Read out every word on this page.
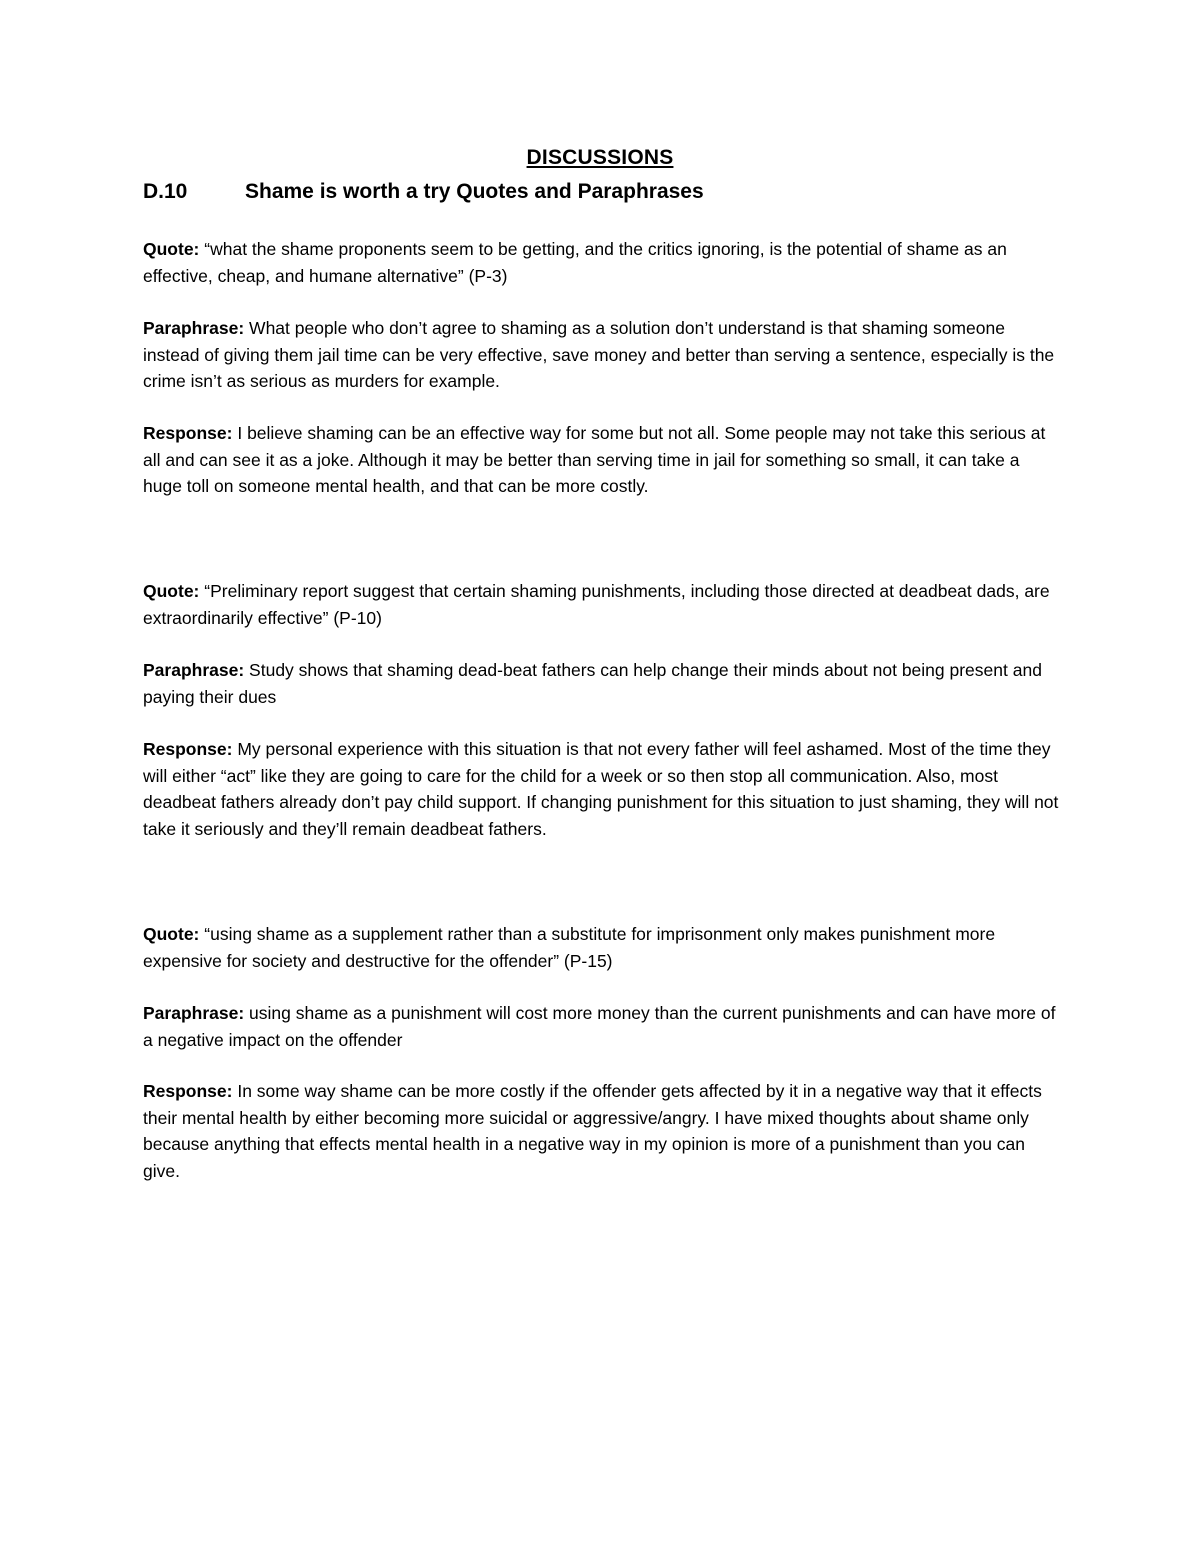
DISCUSSIONS
D.10	Shame is worth a try Quotes and Paraphrases
Quote: “what the shame proponents seem to be getting, and the critics ignoring, is the potential of shame as an effective, cheap, and humane alternative” (P-3)
Paraphrase: What people who don’t agree to shaming as a solution don’t understand is that shaming someone instead of giving them jail time can be very effective, save money and better than serving a sentence, especially is the crime isn’t as serious as murders for example.
Response: I believe shaming can be an effective way for some but not all. Some people may not take this serious at all and can see it as a joke. Although it may be better than serving time in jail for something so small, it can take a huge toll on someone mental health, and that can be more costly.
Quote: “Preliminary report suggest that certain shaming punishments, including those directed at deadbeat dads, are extraordinarily effective” (P-10)
Paraphrase: Study shows that shaming dead-beat fathers can help change their minds about not being present and paying their dues
Response: My personal experience with this situation is that not every father will feel ashamed. Most of the time they will either “act” like they are going to care for the child for a week or so then stop all communication. Also, most deadbeat fathers already don’t pay child support. If changing punishment for this situation to just shaming, they will not take it seriously and they’ll remain deadbeat fathers.
Quote: “using shame as a supplement rather than a substitute for imprisonment only makes punishment more expensive for society and destructive for the offender” (P-15)
Paraphrase: using shame as a punishment will cost more money than the current punishments and can have more of a negative impact on the offender
Response: In some way shame can be more costly if the offender gets affected by it in a negative way that it effects their mental health by either becoming more suicidal or aggressive/angry. I have mixed thoughts about shame only because anything that effects mental health in a negative way in my opinion is more of a punishment than you can give.
